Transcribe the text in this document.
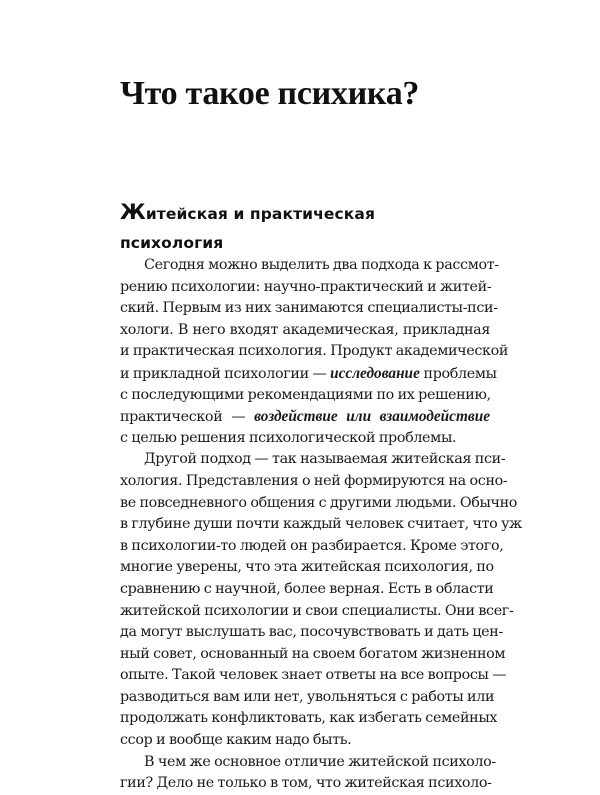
Что такое психика?
Житейская и практическая
психология
Сегодня можно выделить два подхода к рассмот-
рению психологии: научно-практический и житей-
ский. Первым из них занимаются специалисты-пси-
хологи. В него входят академическая, прикладная
и практическая психология. Продукт академической
и прикладной психологии — исследование проблемы
с последующими рекомендациями по их решению,
практической — воздействие или взаимодействие
с целью решения психологической проблемы.
Другой подход — так называемая житейская пси-
хология. Представления о ней формируются на осно-
ве повседневного общения с другими людьми. Обычно
в глубине души почти каждый человек считает, что уж
в психологии-то людей он разбирается. Кроме этого,
многие уверены, что эта житейская психология, по
сравнению с научной, более верная. Есть в области
житейской психологии и свои специалисты. Они всег-
да могут выслушать вас, посочувствовать и дать цен-
ный совет, основанный на своем богатом жизненном
опыте. Такой человек знает ответы на все вопросы —
разводиться вам или нет, увольняться с работы или
продолжать конфликтовать, как избегать семейных
ссор и вообще каким надо быть.
В чем же основное отличие житейской психоло-
гии? Дело не только в том, что житейская психоло-
